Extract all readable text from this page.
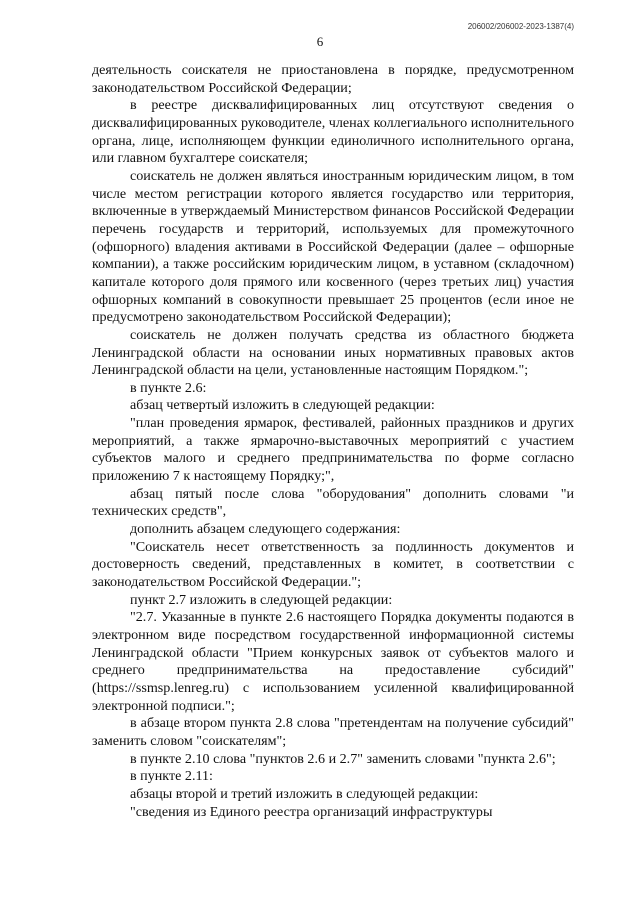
206002/206002-2023-1387(4)
6

деятельность соискателя не приостановлена в порядке, предусмотренном законодательством Российской Федерации;

в реестре дисквалифицированных лиц отсутствуют сведения о дисквалифицированных руководителе, членах коллегиального исполнительного органа, лице, исполняющем функции единоличного исполнительного органа, или главном бухгалтере соискателя;

соискатель не должен являться иностранным юридическим лицом, в том числе местом регистрации которого является государство или территория, включенные в утверждаемый Министерством финансов Российской Федерации перечень государств и территорий, используемых для промежуточного (офшорного) владения активами в Российской Федерации (далее – офшорные компании), а также российским юридическим лицом, в уставном (складочном) капитале которого доля прямого или косвенного (через третьих лиц) участия офшорных компаний в совокупности превышает 25 процентов (если иное не предусмотрено законодательством Российской Федерации);

соискатель не должен получать средства из областного бюджета Ленинградской области на основании иных нормативных правовых актов Ленинградской области на цели, установленные настоящим Порядком.";

в пункте 2.6:

абзац четвертый изложить в следующей редакции:

"план проведения ярмарок, фестивалей, районных праздников и других мероприятий, а также ярмарочно-выставочных мероприятий с участием субъектов малого и среднего предпринимательства по форме согласно приложению 7 к настоящему Порядку;",

абзац пятый после слова "оборудования" дополнить словами "и технических средств",

дополнить абзацем следующего содержания:

"Соискатель несет ответственность за подлинность документов и достоверность сведений, представленных в комитет, в соответствии с законодательством Российской Федерации.";

пункт 2.7 изложить в следующей редакции:

"2.7. Указанные в пункте 2.6 настоящего Порядка документы подаются в электронном виде посредством государственной информационной системы Ленинградской области "Прием конкурсных заявок от субъектов малого и среднего предпринимательства на предоставление субсидий" (https://ssmsp.lenreg.ru) с использованием усиленной квалифицированной электронной подписи.";

в абзаце втором пункта 2.8 слова "претендентам на получение субсидий" заменить словом "соискателям";

в пункте 2.10 слова "пунктов 2.6 и 2.7" заменить словами "пункта 2.6";

в пункте 2.11:

абзацы второй и третий изложить в следующей редакции:

"сведения из Единого реестра организаций инфраструктуры
